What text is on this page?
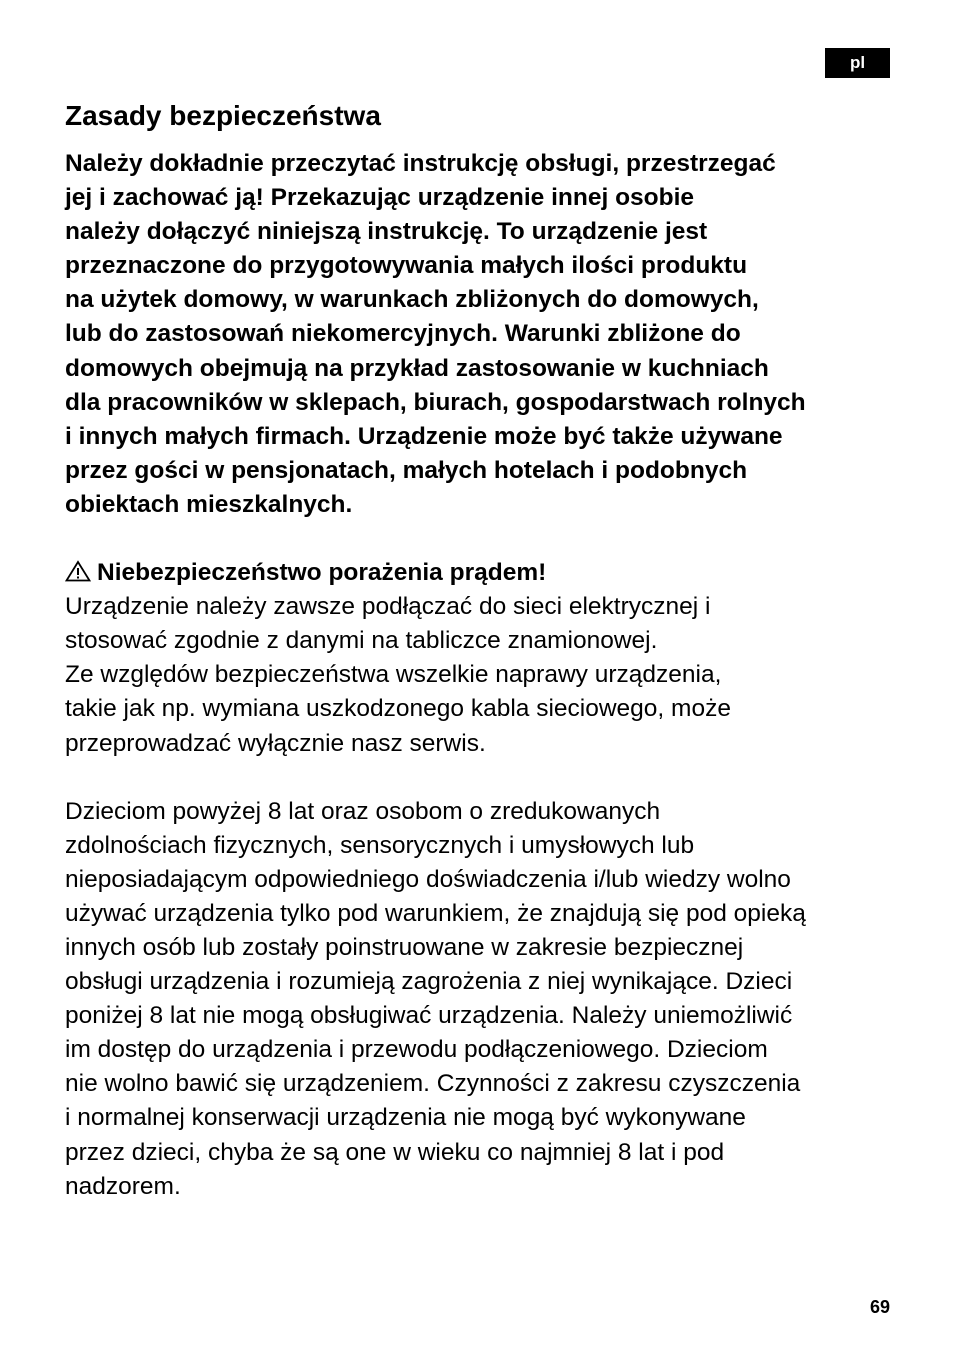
pl
Zasady bezpieczeństwa
Należy dokładnie przeczytać instrukcję obsługi, przestrzegać
jej i zachować ją! Przekazując urządzenie innej osobie
należy dołączyć niniejszą instrukcję. To urządzenie jest
przeznaczone do przygotowywania małych ilości produktu
na użytek domowy, w warunkach zbliżonych do domowych,
lub do zastosowań niekomercyjnych. Warunki zbliżone do
domowych obejmują na przykład zastosowanie w kuchniach
dla pracowników w sklepach, biurach, gospodarstwach rolnych
i innych małych firmach. Urządzenie może być także używane
przez gości w pensjonatach, małych hotelach i podobnych
obiektach mieszkalnych.
Niebezpieczeństwo porażenia prądem!
Urządzenie należy zawsze podłączać do sieci elektrycznej i
stosować zgodnie z danymi na tabliczce znamionowej.
Ze względów bezpieczeństwa wszelkie naprawy urządzenia,
takie jak np. wymiana uszkodzonego kabla sieciowego, może
przeprowadzać wyłącznie nasz serwis.
Dzieciom powyżej 8 lat oraz osobom o zredukowanych
zdolnościach fizycznych, sensorycznych i umysłowych lub
nieposiadającym odpowiedniego doświadczenia i/lub wiedzy wolno
używać urządzenia tylko pod warunkiem, że znajdują się pod opieką
innych osób lub zostały poinstruowane w zakresie bezpiecznej
obsługi urządzenia i rozumieją zagrożenia z niej wynikające. Dzieci
poniżej 8 lat nie mogą obsługiwać urządzenia. Należy uniemożliwić
im dostęp do urządzenia i przewodu podłączeniowego. Dzieciom
nie wolno bawić się urządzeniem. Czynności z zakresu czyszczenia
i normalnej konserwacji urządzenia nie mogą być wykonywane
przez dzieci, chyba że są one w wieku co najmniej 8 lat i pod
nadzorem.
69
